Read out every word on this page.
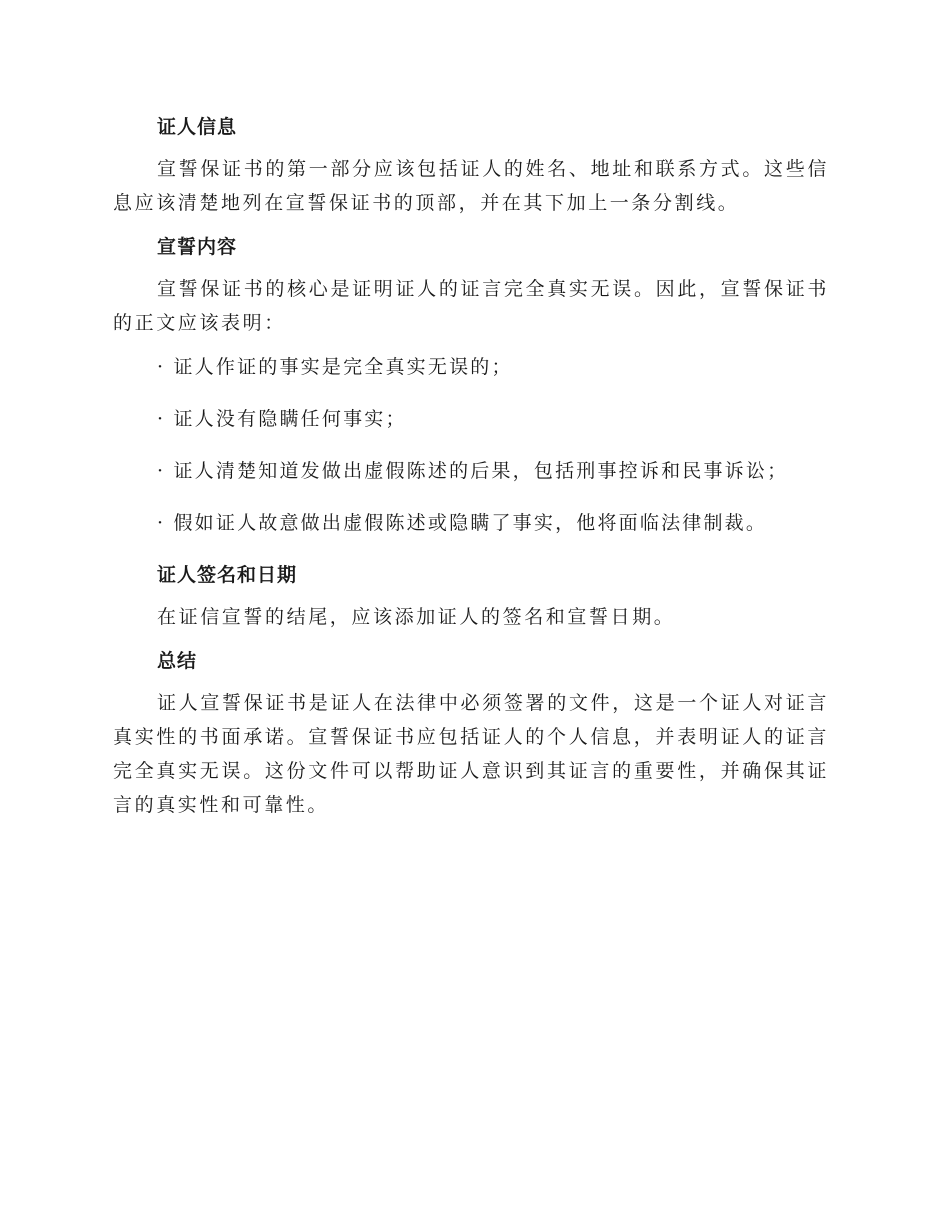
证人信息
宣誓保证书的第一部分应该包括证人的姓名、地址和联系方式。这些信息应该清楚地列在宣誓保证书的顶部，并在其下加上一条分割线。
宣誓内容
宣誓保证书的核心是证明证人的证言完全真实无误。因此，宣誓保证书的正文应该表明：
· 证人作证的事实是完全真实无误的；
· 证人没有隐瞒任何事实；
· 证人清楚知道发做出虚假陈述的后果，包括刑事控诉和民事诉讼；
· 假如证人故意做出虚假陈述或隐瞒了事实，他将面临法律制裁。
证人签名和日期
在证信宣誓的结尾，应该添加证人的签名和宣誓日期。
总结
证人宣誓保证书是证人在法律中必须签署的文件，这是一个证人对证言真实性的书面承诺。宣誓保证书应包括证人的个人信息，并表明证人的证言完全真实无误。这份文件可以帮助证人意识到其证言的重要性，并确保其证言的真实性和可靠性。
